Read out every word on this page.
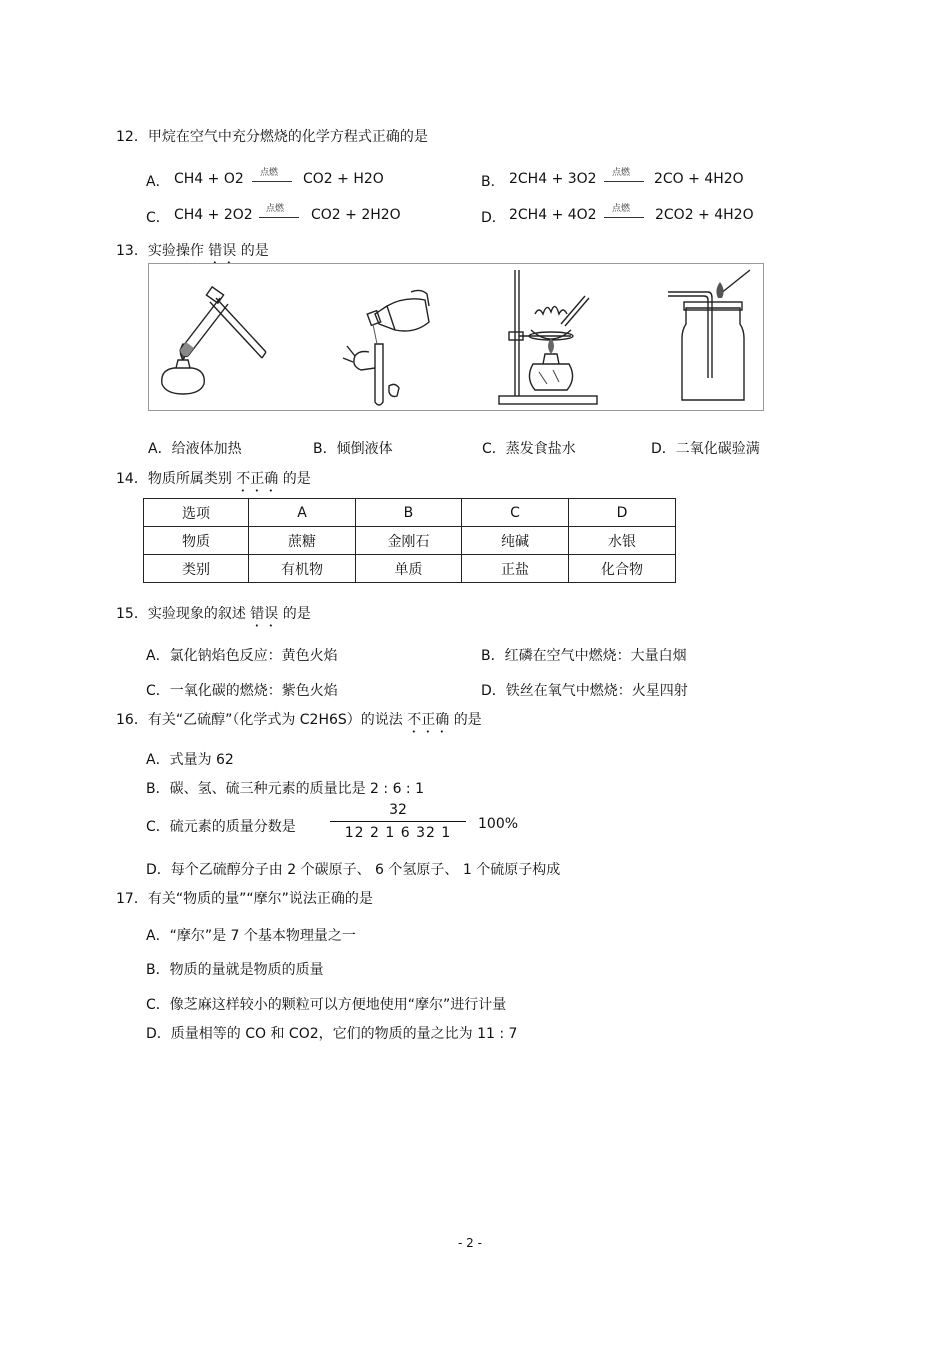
12．甲烷在空气中充分燃烧的化学方程式正确的是
A． CH4 + O2 点燃 CO2 + H2O	B． 2CH4 + 3O2 点燃 2CO + 4H2O
C． CH4 + 2O2 点燃 CO2 + 2H2O	D． 2CH4 + 4O2 点燃 2CO2 + 4H2O
13．实验操作 错误 的是
A．给液体加热	B．倾倒液体	C．蒸发食盐水	D．二氧化碳验满
14．物质所属类别 不正确 的是
选项	A	B	C	D
物质	蔗糖	金刚石	纯碱	水银
类别	有机物	单质	正盐	化合物
15．实验现象的叙述 错误 的是
A．氯化钠焰色反应：黄色火焰	B．红磷在空气中燃烧：大量白烟
C．一氧化碳的燃烧：紫色火焰	D．铁丝在氧气中燃烧：火星四射
16．有关“乙硫醇”（化学式为 C2H6S）的说法 不正确 的是
A．式量为 62
B．碳、氢、硫三种元素的质量比是 2 : 6 : 1
C．硫元素的质量分数是 $\frac{32}{12 2 1 6 32 1} 100\%$
D．每个乙硫醇分子由 2 个碳原子、 6 个氢原子、 1 个硫原子构成
17．有关“物质的量”“摩尔”说法正确的是
A．“摩尔”是 7 个基本物理量之一
B．物质的量就是物质的质量
C．像芝麻这样较小的颗粒可以方便地使用“摩尔”进行计量
D．质量相等的 CO 和 CO2，它们的物质的量之比为 11 : 7
- 2 -
